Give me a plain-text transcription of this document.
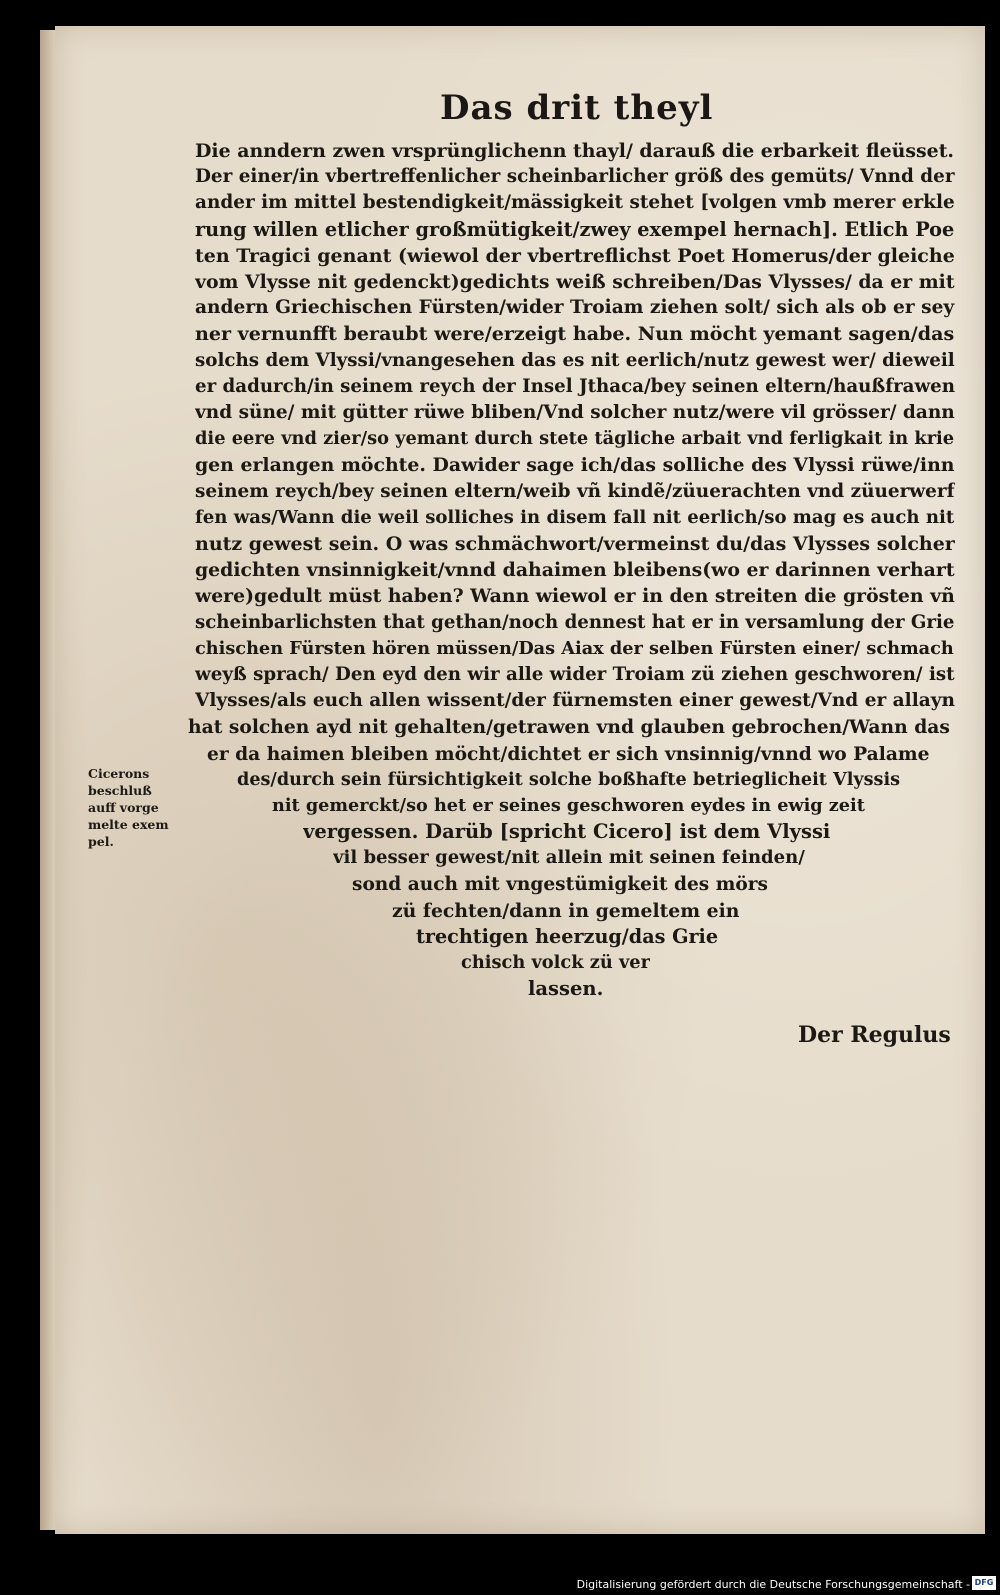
Das drit theyl
Die anndern zwen vrsprünglichenn thayl/ darauß die erbarkeit fleüsset.
Der einer/in vbertreffenlicher scheinbarlicher größ des gemüts/ Vnnd der
ander im mittel bestendigkeit/mässigkeit stehet [volgen vmb merer erkle
rung willen etlicher großmütigkeit/zwey exempel hernach]. Etlich Poe
ten Tragici genant (wiewol der vbertreflichst Poet Homerus/der gleiche
vom Vlysse nit gedenckt)gedichts weiß schreiben/Das Vlysses/ da er mit
andern Griechischen Fürsten/wider Troiam ziehen solt/ sich als ob er sey
ner vernunfft beraubt were/erzeigt habe. Nun möcht yemant sagen/das
solchs dem Vlyssi/vnangesehen das es nit eerlich/nutz gewest wer/ dieweil
er dadurch/in seinem reych der Insel Jthaca/bey seinen eltern/haußfrawen
vnd süne/ mit gütter rüwe bliben/Vnd solcher nutz/were vil grösser/ dann
die eere vnd zier/so yemant durch stete tägliche arbait vnd ferligkait in krie
gen erlangen möchte. Dawider sage ich/das solliche des Vlyssi rüwe/inn
seinem reych/bey seinen eltern/weib vñ kindẽ/züuerachten vnd züuerwerf
fen was/Wann die weil solliches in disem fall nit eerlich/so mag es auch nit
nutz gewest sein. O was schmächwort/vermeinst du/das Vlysses solcher
gedichten vnsinnigkeit/vnnd dahaimen bleibens(wo er darinnen verhart
were)gedult müst haben? Wann wiewol er in den streiten die grösten vñ
scheinbarlichsten that gethan/noch dennest hat er in versamlung der Grie
chischen Fürsten hören müssen/Das Aiax der selben Fürsten einer/ schmach
weyß sprach/ Den eyd den wir alle wider Troiam zü ziehen geschworen/ ist
Vlysses/als euch allen wissent/der fürnemsten einer gewest/Vnd er allayn
hat solchen ayd nit gehalten/getrawen vnd glauben gebrochen/Wann das
er da haimen bleiben möcht/dichtet er sich vnsinnig/vnnd wo Palame
des/durch sein fürsichtigkeit solche boßhafte betrieglicheit Vlyssis
nit gemerckt/so het er seines geschworen eydes in ewig zeit
vergessen. Darüb [spricht Cicero] ist dem Vlyssi
vil besser gewest/nit allein mit seinen feinden/
sond auch mit vngestümigkeit des mörs
zü fechten/dann in gemeltem ein
trechtigen heerzug/das Grie
chisch volck zü ver
lassen.
Cicerons
beschluß
auff vorge
melte exem
pel.
Der Regulus
Digitalisierung gefördert durch die Deutsche Forschungsgemeinschaft - DFG
